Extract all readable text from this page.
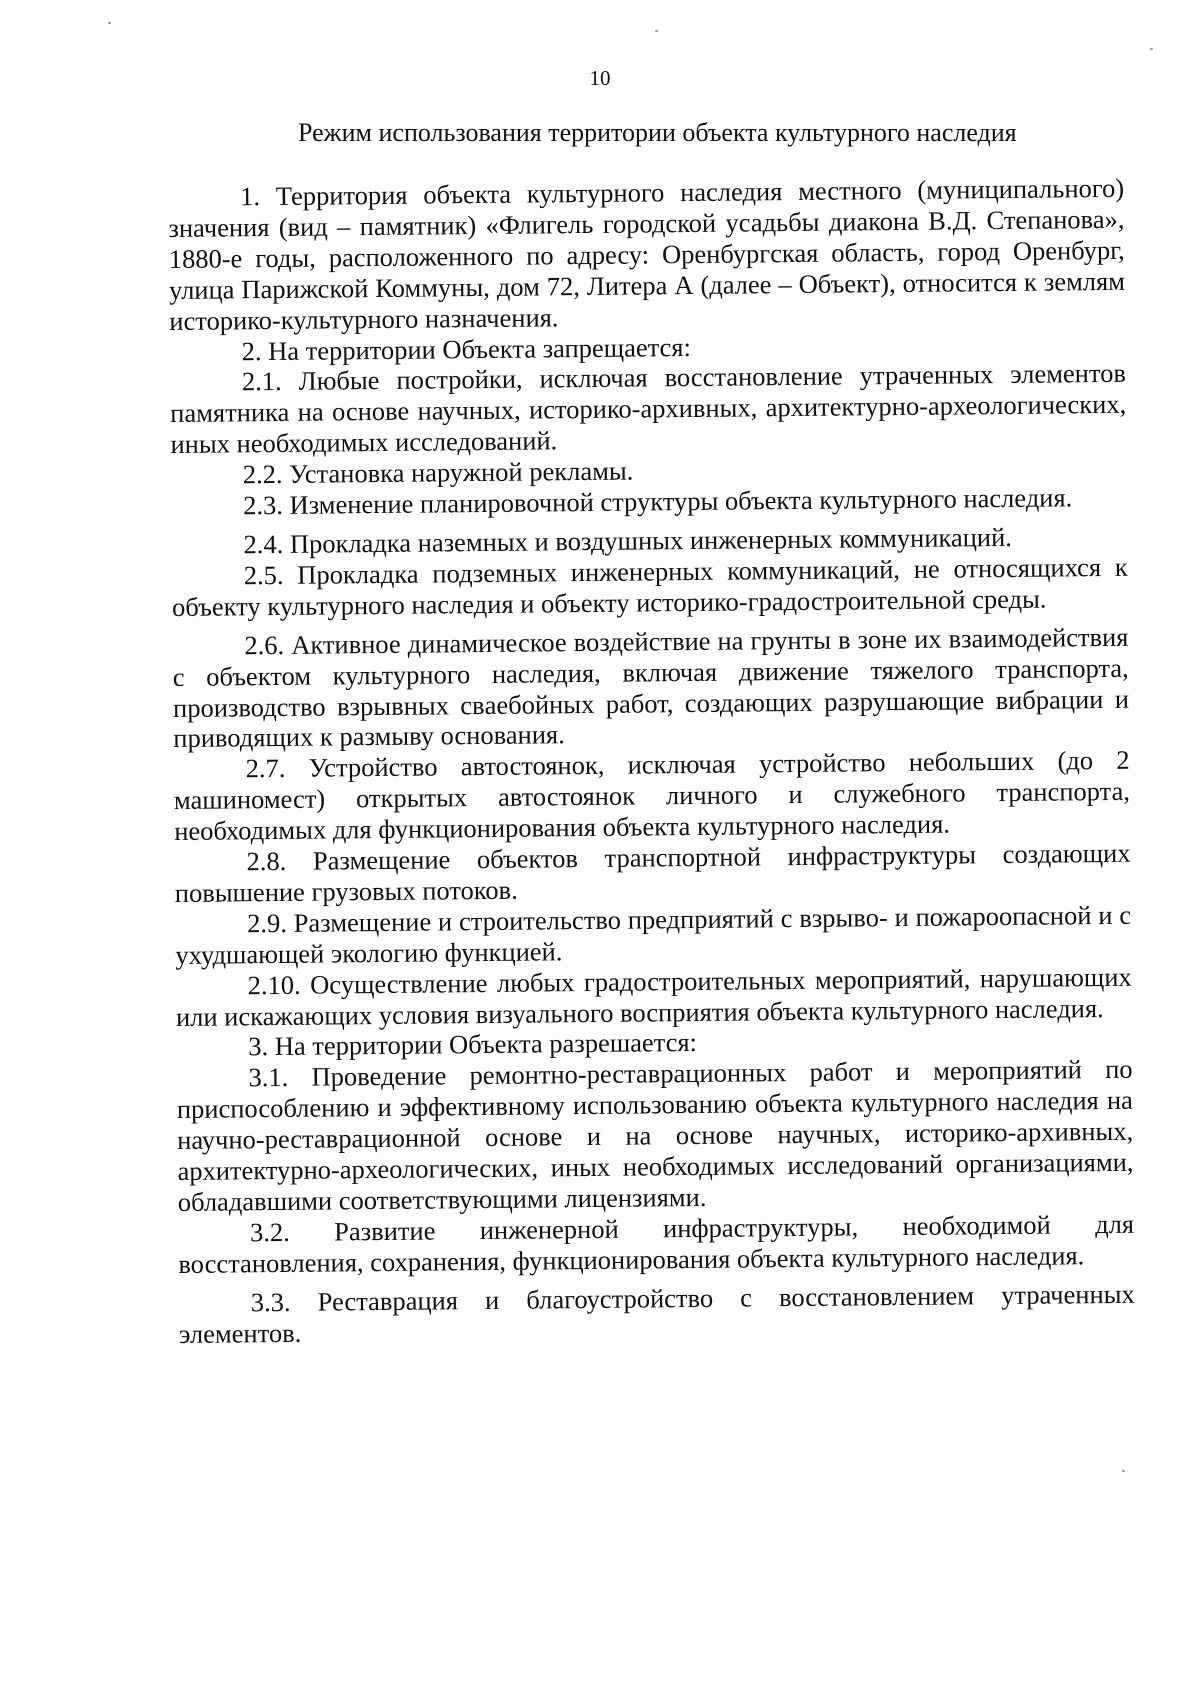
10
Режим использования территории объекта культурного наследия

1. Территория объекта культурного наследия местного (муниципального) значения (вид – памятник) «Флигель городской усадьбы диакона В.Д. Степанова», 1880-е годы, расположенного по адресу: Оренбургская область, город Оренбург, улица Парижской Коммуны, дом 72, Литера А (далее – Объект), относится к землям историко-культурного назначения.

2. На территории Объекта запрещается:

2.1. Любые постройки, исключая восстановление утраченных элементов памятника на основе научных, историко-архивных, архитектурно-археологических, иных необходимых исследований.

2.2. Установка наружной рекламы.

2.3. Изменение планировочной структуры объекта культурного наследия.

2.4. Прокладка наземных и воздушных инженерных коммуникаций.

2.5. Прокладка подземных инженерных коммуникаций, не относящихся к объекту культурного наследия и объекту историко-градостроительной среды.

2.6. Активное динамическое воздействие на грунты в зоне их взаимодействия с объектом культурного наследия, включая движение тяжелого транспорта, производство взрывных свaебойных работ, создающих разрушающие вибрации и приводящих к размыву основания.

2.7. Устройство автостоянок, исключая устройство небольших (до 2 машиномест) открытых автостоянок личного и служебного транспорта, необходимых для функционирования объекта культурного наследия.

2.8. Размещение объектов транспортной инфраструктуры создающих повышение грузовых потоков.

2.9. Размещение и строительство предприятий с взрыво- и пожароопасной и с ухудшающей экологию функцией.

2.10. Осуществление любых градостроительных мероприятий, нарушающих или искажающих условия визуального восприятия объекта культурного наследия.

3. На территории Объекта разрешается:

3.1. Проведение ремонтно-реставрационных работ и мероприятий по приспособлению и эффективному использованию объекта культурного наследия на научно-реставрационной основе и на основе научных, историко-архивных, архитектурно-археологических, иных необходимых исследований организациями, обладавшими соответствующими лицензиями.

3.2. Развитие инженерной инфраструктуры, необходимой для восстановления, сохранения, функционирования объекта культурного наследия.

3.3. Реставрация и благоустройство с восстановлением утраченных элементов.
